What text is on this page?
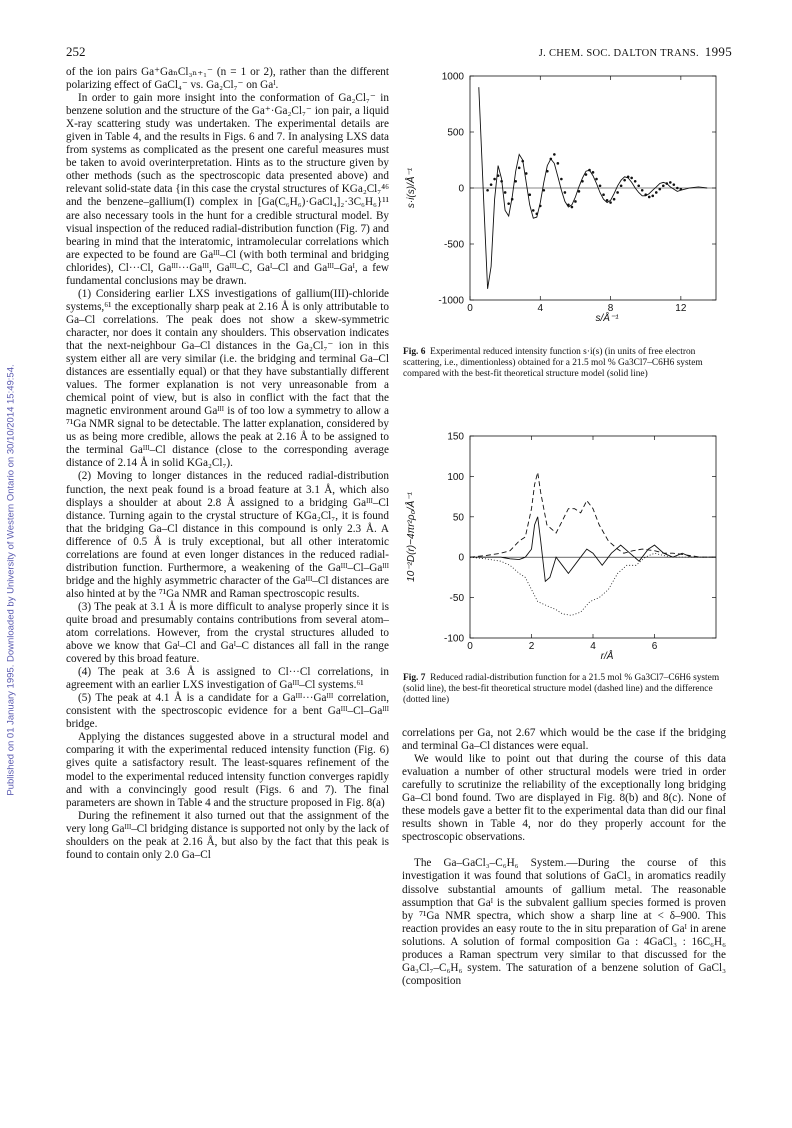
252	J. CHEM. SOC. DALTON TRANS. 1995
Published on 01 January 1995. Downloaded by University of Western Ontario on 30/10/2014 15:49:54.

of the ion pairs Ga⁺GaₙCl₃ₙ₊₁⁻ (n = 1 or 2), rather than the different polarizing effect of GaCl₄⁻ vs. Ga₂Cl₇⁻ on Gaᴵ.

In order to gain more insight into the conformation of Ga₂Cl₇⁻ in benzene solution and the structure of the Ga⁺·Ga₂Cl₇⁻ ion pair, a liquid X-ray scattering study was undertaken. The experimental details are given in Table 4, and the results in Figs. 6 and 7. In analysing LXS data from systems as complicated as the present one careful measures must be taken to avoid overinterpretation. Hints as to the structure given by other methods (such as the spectroscopic data presented above) and relevant solid-state data {in this case the crystal structures of KGa₂Cl₇⁴⁶ and the benzene–gallium(I) complex in [Ga(C₆H₆)·GaCl₄]₂·3C₆H₆}¹¹ are also necessary tools in the hunt for a credible structural model. By visual inspection of the reduced radial-distribution function (Fig. 7) and bearing in mind that the interatomic, intramolecular correlations which are expected to be found are Gaᴵᴵᴵ–Cl (with both terminal and bridging chlorides), Cl···Cl, Gaᴵᴵᴵ···Gaᴵᴵᴵ, Gaᴵᴵᴵ–C, Gaᴵ–Cl and Gaᴵᴵᴵ–Gaᴵ, a few fundamental conclusions may be drawn.

(1) Considering earlier LXS investigations of gallium(III)-chloride systems,⁶¹ the exceptionally sharp peak at 2.16 Å is only attributable to Ga–Cl correlations. The peak does not show a skew-symmetric character, nor does it contain any shoulders. This observation indicates that the next-neighbour Ga–Cl distances in the Ga₂Cl₇⁻ ion in this system either all are very similar (i.e. the bridging and terminal Ga–Cl distances are essentially equal) or that they have substantially different values. The former explanation is not very unreasonable from a chemical point of view, but is also in conflict with the fact that the magnetic environment around Gaᴵᴵᴵ is of too low a symmetry to allow a ⁷¹Ga NMR signal to be detectable. The latter explanation, considered by us as being more credible, allows the peak at 2.16 Å to be assigned to the terminal Gaᴵᴵᴵ–Cl distance (close to the corresponding average distance of 2.14 Å in solid KGa₂Cl₇).

(2) Moving to longer distances in the reduced radial-distribution function, the next peak found is a broad feature at 3.1 Å, which also displays a shoulder at about 2.8 Å assigned to a bridging Gaᴵᴵᴵ–Cl distance. Turning again to the crystal structure of KGa₂Cl₇, it is found that the bridging Ga–Cl distance in this compound is only 2.3 Å. A difference of 0.5 Å is truly exceptional, but all other interatomic correlations are found at even longer distances in the reduced radial-distribution function. Furthermore, a weakening of the Gaᴵᴵᴵ–Cl–Gaᴵᴵᴵ bridge and the highly asymmetric character of the Gaᴵᴵᴵ–Cl distances are also hinted at by the ⁷¹Ga NMR and Raman spectroscopic results.

(3) The peak at 3.1 Å is more difficult to analyse properly since it is quite broad and presumably contains contributions from several atom–atom correlations. However, from the crystal structures alluded to above we know that Gaᴵ–Cl and Gaᴵ–C distances all fall in the range covered by this broad feature.

(4) The peak at 3.6 Å is assigned to Cl···Cl correlations, in agreement with an earlier LXS investigation of Gaᴵᴵᴵ–Cl systems.⁶¹

(5) The peak at 4.1 Å is a candidate for a Gaᴵᴵᴵ···Gaᴵᴵᴵ correlation, consistent with the spectroscopic evidence for a bent Gaᴵᴵᴵ–Cl–Gaᴵᴵᴵ bridge.

Applying the distances suggested above in a structural model and comparing it with the experimental reduced intensity function (Fig. 6) gives quite a satisfactory result. The least-squares refinement of the model to the experimental reduced intensity function converges rapidly and with a convincingly good result (Figs. 6 and 7). The final parameters are shown in Table 4 and the structure proposed in Fig. 8(a)

During the refinement it also turned out that the assignment of the very long Gaᴵᴵᴵ–Cl bridging distance is supported not only by the lack of shoulders on the peak at 2.16 Å, but also by the fact that this peak is found to contain only 2.0 Ga–Cl

correlations per Ga, not 2.67 which would be the case if the bridging and terminal Ga–Cl distances were equal.

We would like to point out that during the course of this data evaluation a number of other structural models were tried in order carefully to scrutinize the reliability of the exceptionally long bridging Ga–Cl bond found. Two are displayed in Fig. 8(b) and 8(c). None of these models gave a better fit to the experimental data than did our final results shown in Table 4, nor do they properly account for the spectroscopic observations.

The Ga–GaCl₃–C₆H₆ System.—During the course of this investigation it was found that solutions of GaCl₃ in aromatics readily dissolve substantial amounts of gallium metal. The reasonable assumption that Gaᴵ is the subvalent gallium species formed is proven by ⁷¹Ga NMR spectra, which show a sharp line at < δ–900. This reaction provides an easy route to the in situ preparation of Gaᴵ in arene solutions. A solution of formal composition Ga : 4GaCl₃ : 16C₆H₆ produces a Raman spectrum very similar to that discussed for the Ga₃Cl₇–C₆H₆ system. The saturation of a benzene solution of GaCl₃ (composition

-1000
-500
0
500
1000
0	4	8	12
s/Å⁻¹
s·i(s)/Å⁻¹
Fig. 6 Experimental reduced intensity function s·i(s) (in units of free electron scattering, i.e., dimentionless) obtained for a 21.5 mol % Ga3Cl7–C6H6 system compared with the best-fit theoretical structure model (solid line)
-100
-50
0
50
100
150
0	2	4	6
r/Å
10⁻²D(r)−4πr²ρ₀/Å⁻¹
Fig. 7 Reduced radial-distribution function for a 21.5 mol % Ga3Cl7–C6H6 system (solid line), the best-fit theoretical structure model (dashed line) and the difference (dotted line)
